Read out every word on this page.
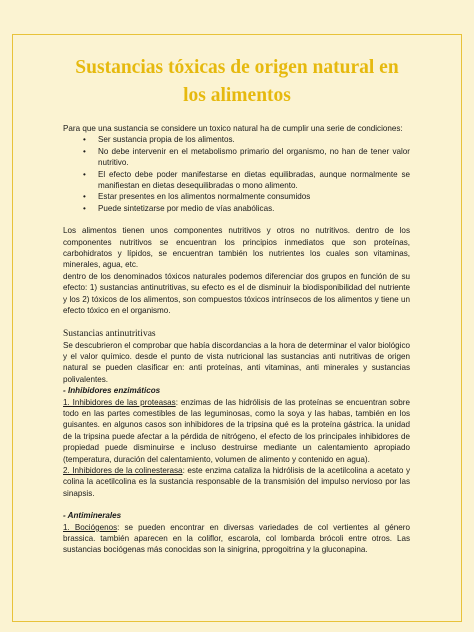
Sustancias tóxicas de origen natural en
los alimentos

Para que una sustancia se considere un toxico natural ha de cumplir una serie de condiciones:

• Ser sustancia propia de los alimentos.
• No debe intervenir en el metabolismo primario del organismo, no han de tener valor nutritivo.
• El efecto debe poder manifestarse en dietas equilibradas, aunque normalmente se manifiestan en dietas desequilibradas o mono alimento.
• Estar presentes en los alimentos normalmente consumidos
• Puede sintetizarse por medio de vías anabólicas.

Los alimentos tienen unos componentes nutritivos y otros no nutritivos. dentro de los componentes nutritivos se encuentran los principios inmediatos que son proteínas, carbohidratos y lípidos, se encuentran también los nutrientes los cuales son vitaminas, minerales, agua, etc.

dentro de los denominados tóxicos naturales podemos diferenciar dos grupos en función de su efecto: 1) sustancias antinutritivas, su efecto es el de disminuir la biodisponibilidad del nutriente y los 2) tóxicos de los alimentos, son compuestos tóxicos intrínsecos de los alimentos y tiene un efecto tóxico en el organismo.

Sustancias antinutritivas

Se descubrieron el comprobar que había discordancias a la hora de determinar el valor biológico y el valor químico. desde el punto de vista nutricional las sustancias anti nutritivas de origen natural se pueden clasificar en: anti proteínas, anti vitaminas, anti minerales y sustancias polivalentes.

- Inhibidores enzimáticos

1. Inhibidores de las proteasas: enzimas de las hidrólisis de las proteínas se encuentran sobre todo en las partes comestibles de las leguminosas, como la soya y las habas, también en los guisantes. en algunos casos son inhibidores de la tripsina qué es la proteína gástrica. la unidad de la tripsina puede afectar a la pérdida de nitrógeno, el efecto de los principales inhibidores de propiedad puede disminuirse e incluso destruirse mediante un calentamiento apropiado (temperatura, duración del calentamiento, volumen de alimento y contenido en agua).

2. Inhibidores de la colinesterasa: este enzima cataliza la hidrólisis de la acetilcolina a acetato y colina la acetilcolina es la sustancia responsable de la transmisión del impulso nervioso por las sinapsis.

- Antiminerales

1. Bociógenos: se pueden encontrar en diversas variedades de col vertientes al género brassica. también aparecen en la coliflor, escarola, col lombarda brócoli entre otros. Las sustancias bociógenas más conocidas son la sinigrina, pprogoitrina y la gluconapina.
